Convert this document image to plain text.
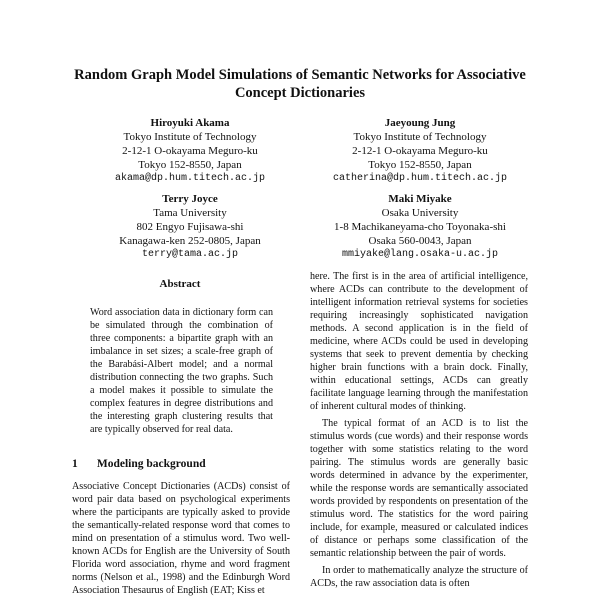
Random Graph Model Simulations of Semantic Networks for Associative Concept Dictionaries
Hiroyuki Akama
Tokyo Institute of Technology
2-12-1 O-okayama Meguro-ku
Tokyo 152-8550, Japan
akama@dp.hum.titech.ac.jp
Jaeyoung Jung
Tokyo Institute of Technology
2-12-1 O-okayama Meguro-ku
Tokyo 152-8550, Japan
catherina@dp.hum.titech.ac.jp
Terry Joyce
Tama University
802 Engyo Fujisawa-shi
Kanagawa-ken 252-0805, Japan
terry@tama.ac.jp
Maki Miyake
Osaka University
1-8 Machikaneyama-cho Toyonaka-shi
Osaka 560-0043, Japan
mmiyake@lang.osaka-u.ac.jp
Abstract
Word association data in dictionary form can be simulated through the combination of three components: a bipartite graph with an imbalance in set sizes; a scale-free graph of the Barabási-Albert model; and a normal distribution connecting the two graphs. Such a model makes it possible to simulate the complex features in degree distributions and the interesting graph clustering results that are typically observed for real data.
1 Modeling background

Associative Concept Dictionaries (ACDs) consist of word pair data based on psychological experiments where the participants are typically asked to provide the semantically-related response word that comes to mind on presentation of a stimulus word. Two well-known ACDs for English are the University of South Florida word association, rhyme and word fragment norms (Nelson et al., 1998) and the Edinburgh Word Association Thesaurus of English (EAT; Kiss et

here. The first is in the area of artificial intelligence, where ACDs can contribute to the development of intelligent information retrieval systems for societies requiring increasingly sophisticated navigation methods. A second application is in the field of medicine, where ACDs could be used in developing systems that seek to prevent dementia by checking higher brain functions with a brain dock. Finally, within educational settings, ACDs can greatly facilitate language learning through the manifestation of inherent cultural modes of thinking.

The typical format of an ACD is to list the stimulus words (cue words) and their response words together with some statistics relating to the word pairing. The stimulus words are generally basic words determined in advance by the experimenter, while the response words are semantically associated words provided by respondents on presentation of the stimulus word. The statistics for the word pairing include, for example, measured or calculated indices of distance or perhaps some classification of the semantic relationship between the pair of words.

In order to mathematically analyze the structure of ACDs, the raw association data is often
